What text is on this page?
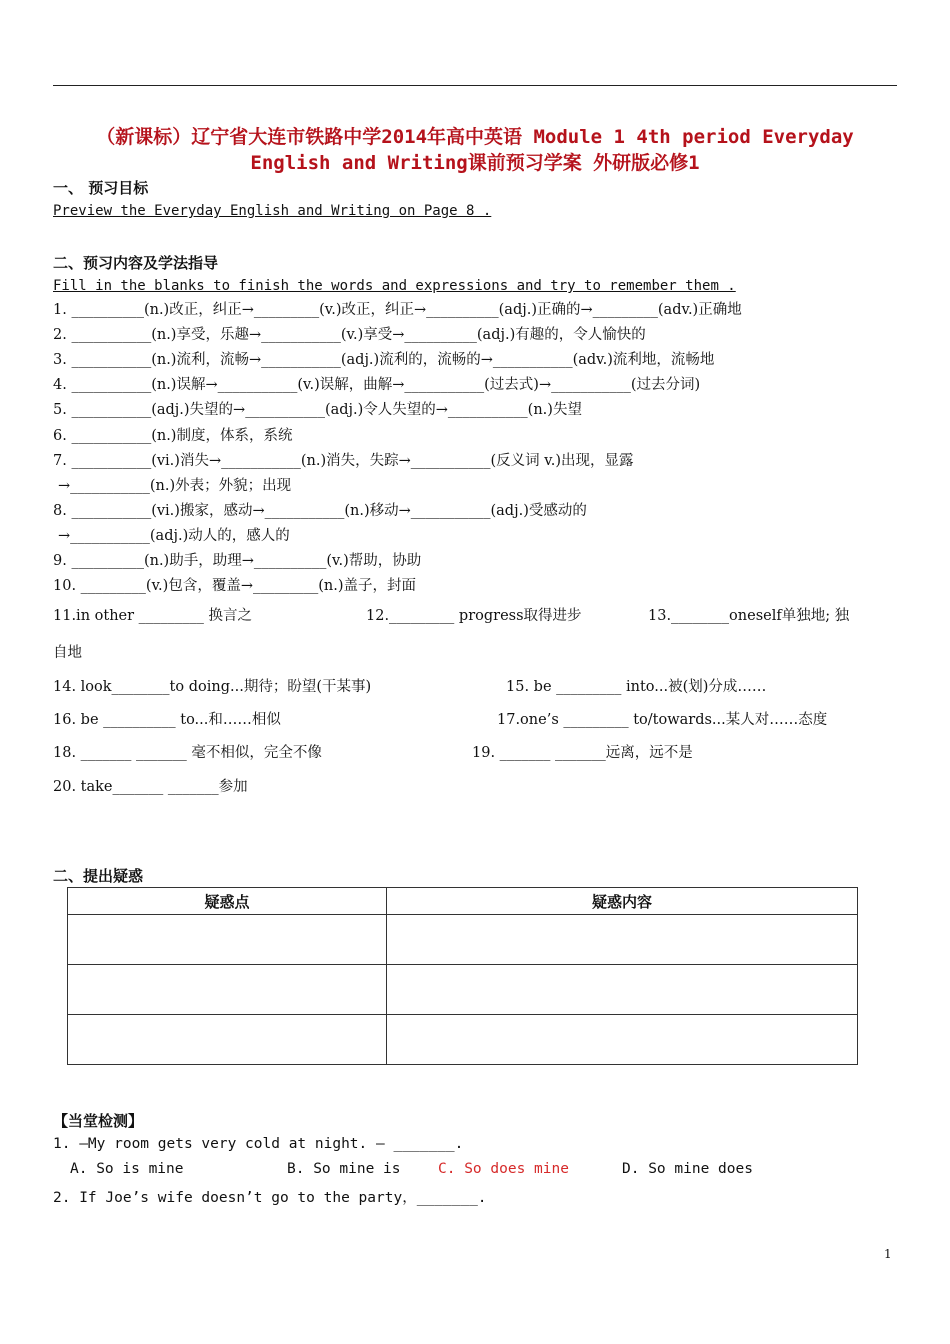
（新课标）辽宁省大连市铁路中学2014年高中英语 Module 1 4th period Everyday
English and Writing课前预习学案 外研版必修1
一、 预习目标
Preview the Everyday English and Writing on Page 8 .
二、预习内容及学法指导
Fill in the blanks to finish the words and expressions and try to remember them .
1. __________(n.)改正，纠正→_________(v.)改正，纠正→__________(adj.)正确的→_________(adv.)正确地
2. ___________(n.)享受，乐趣→___________(v.)享受→__________(adj.)有趣的，令人愉快的
3. ___________(n.)流利，流畅→___________(adj.)流利的，流畅的→___________(adv.)流利地，流畅地
4. ___________(n.)误解→___________(v.)误解，曲解→___________(过去式)→___________(过去分词)
5. ___________(adj.)失望的→___________(adj.)令人失望的→___________(n.)失望
6. ___________(n.)制度，体系，系统
7. ___________(vi.)消失→___________(n.)消失，失踪→___________(反义词 v.)出现，显露
→___________(n.)外表；外貌；出现
8. ___________(vi.)搬家，感动→___________(n.)移动→___________(adj.)受感动的
→___________(adj.)动人的，感人的
9. __________(n.)助手，助理→__________(v.)帮助，协助
10. _________(v.)包含，覆盖→_________(n.)盖子，封面
11.in other _________ 换言之	12._________ progress取得进步	13.________oneself单独地; 独
自地
14. look________to doing...期待；盼望(干某事)	15. be _________ into...被(划)分成……
16. be __________ to...和……相似	17.one’s _________ to/towards...某人对……态度
18. _______ _______ 毫不相似，完全不像	19. _______ _______远离，远不是
20. take_______ _______参加
二、提出疑惑
疑惑点	疑惑内容

【当堂检测】
1. —My room gets very cold at night. — _______.
A. So is mine	B. So mine is	C. So does mine	D. So mine does
2. If Joe’s wife doesn’t go to the party，_______.
1
